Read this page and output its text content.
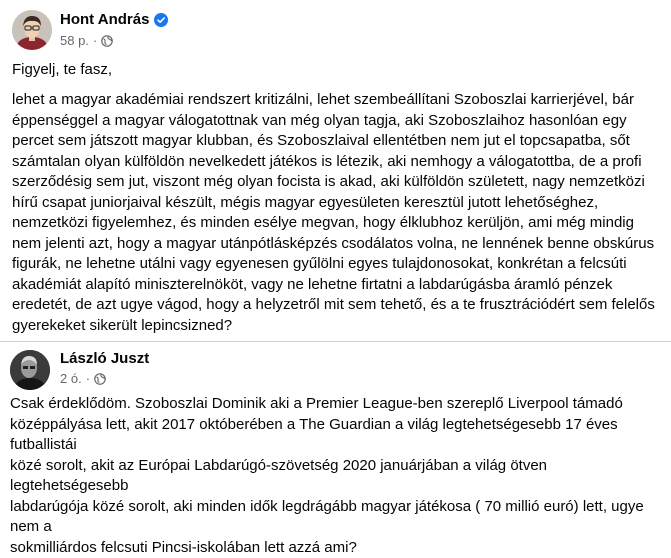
Hont András
58 p. ·
Figyelj, te fasz,
lehet a magyar akadémiai rendszert kritizálni, lehet szembeállítani Szoboszlai karrierjével, bár
éppenséggel a magyar válogatottnak van még olyan tagja, aki Szoboszlaihoz hasonlóan egy
percet sem játszott magyar klubban, és Szoboszlaival ellentétben nem jut el topcsapatba, sőt
számtalan olyan külföldön nevelkedett játékos is létezik, aki nemhogy a válogatottba, de a profi
szerződésig sem jut, viszont még olyan focista is akad, aki külföldön született, nagy nemzetközi
hírű csapat juniorjaival készült, mégis magyar egyesületen keresztül jutott lehetőséghez,
nemzetközi figyelemhez, és minden esélye megvan, hogy élklubhoz kerüljön, ami még mindig
nem jelenti azt, hogy a magyar utánpótlásképzés csodálatos volna, ne lennének benne obskúrus
figurák, ne lehetne utálni vagy egyenesen gyűlölni egyes tulajdonosokat, konkrétan a felcsúti
akadémiát alapító miniszterelnököt, vagy ne lehetne firtatni a labdarúgásba áramló pénzek
eredetét, de azt ugye vágod, hogy a helyzetről mit sem tehető, és a te frusztrációdért sem felelős
gyerekeket sikerült lepincsizned?
László Juszt
2 ó. ·
Csak érdeklődöm. Szoboszlai Dominik aki a Premier League-ben szereplő Liverpool támadó
középpályása lett, akit 2017 októberében a The Guardian a világ legtehetségesebb 17 éves futballistái
közé sorolt, akit az Európai Labdarúgó-szövetség 2020 januárjában a világ ötven legtehetségesebb
labdarúgója közé sorolt, aki minden idők legdrágább magyar játékosa ( 70 millió euró) lett, ugye nem a
sokmilliárdos felcsuti Pincsi-iskolában lett azzá ami?
